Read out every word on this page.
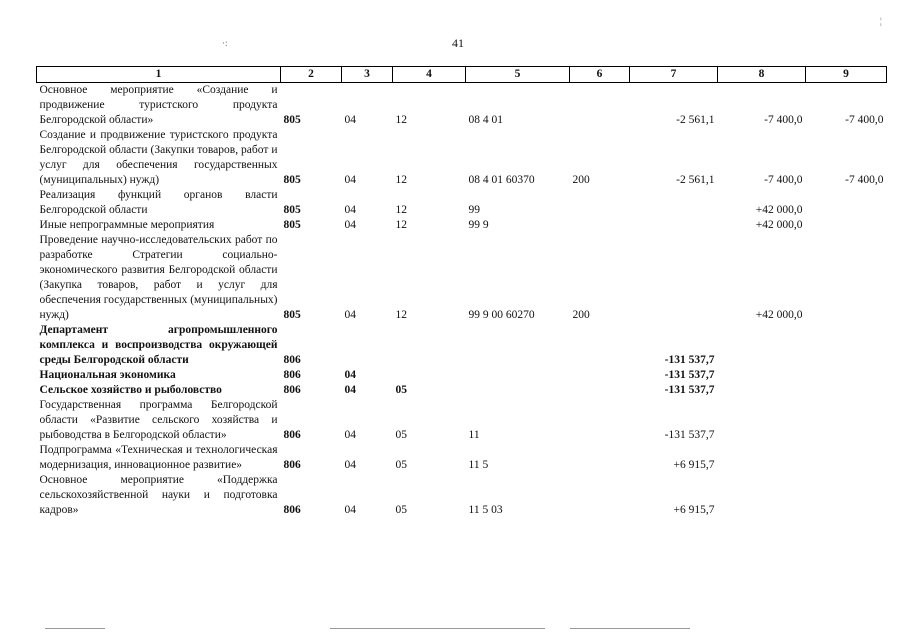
41
·:
¦
1	2	3	4	5	6	7	8	9
Основное мероприятие «Создание и продвижение туристского продукта Белгородской области»	805	04	12	08 4 01		-2 561,1	-7 400,0	-7 400,0
Создание и продвижение туристского продукта Белгородской области (Закупки товаров, работ и услуг для обеспечения государственных (муниципальных) нужд)	805	04	12	08 4 01 60370	200	-2 561,1	-7 400,0	-7 400,0
Реализация функций органов власти Белгородской области	805	04	12	99			+42 000,0	
Иные непрограммные мероприятия	805	04	12	99 9			+42 000,0	
Проведение научно-исследовательских работ по разработке Стратегии социально-экономического развития Белгородской области (Закупка товаров, работ и услуг для обеспечения государственных (муниципальных) нужд)	805	04	12	99 9 00 60270	200		+42 000,0	
Департамент агропромышленного комплекса и воспроизводства окружающей среды Белгородской области	806					-131 537,7		
Национальная экономика	806	04				-131 537,7		
Сельское хозяйство и рыболовство	806	04	05			-131 537,7		
Государственная программа Белгородской области «Развитие сельского хозяйства и рыбоводства в Белгородской области»	806	04	05	11		-131 537,7		
Подпрограмма «Техническая и технологическая модернизация, инновационное развитие»	806	04	05	11 5		+6 915,7		
Основное мероприятие «Поддержка сельскохозяйственной науки и подготовка кадров»	806	04	05	11 5 03		+6 915,7		
